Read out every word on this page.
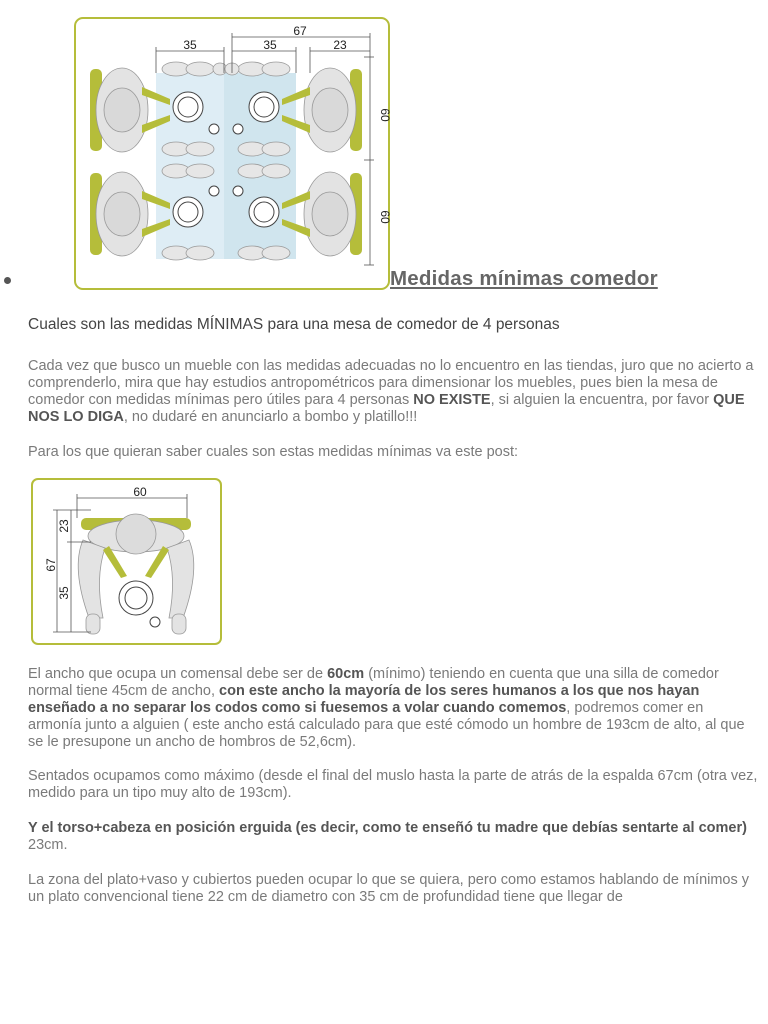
35	35
67
23
60
60
Medidas mínimas comedor
Cuales son las medidas MÍNIMAS para una mesa de comedor de 4 personas
Cada vez que busco un mueble con las medidas adecuadas no lo encuentro en las tiendas, juro que no acierto a comprenderlo, mira que hay estudios antropométricos para dimensionar los muebles, pues bien la mesa de comedor con medidas mínimas pero útiles para 4 personas NO EXISTE, si alguien la encuentra, por favor QUE NOS LO DIGA, no dudaré en anunciarlo a bombo y platillo!!!
Para los que quieran saber cuales son estas medidas mínimas va este post:
60
23
67
35
El ancho que ocupa un comensal debe ser de 60cm (mínimo) teniendo en cuenta que una silla de comedor normal tiene 45cm de ancho, con este ancho la mayoría de los seres humanos a los que nos hayan enseñado a no separar los codos como si fuesemos a volar cuando comemos, podremos comer en armonía junto a alguien ( este ancho está calculado para que esté cómodo un hombre de 193cm de alto, al que se le presupone un ancho de hombros de 52,6cm).
Sentados ocupamos como máximo (desde el final del muslo hasta la parte de atrás de la espalda 67cm (otra vez, medido para un tipo muy alto de 193cm).
Y el torso+cabeza en posición erguida (es decir, como te enseñó tu madre que debías sentarte al comer) 23cm.
La zona del plato+vaso y cubiertos pueden ocupar lo que se quiera, pero como estamos hablando de mínimos y un plato convencional tiene 22 cm de diametro con 35 cm de profundidad tiene que llegar de
